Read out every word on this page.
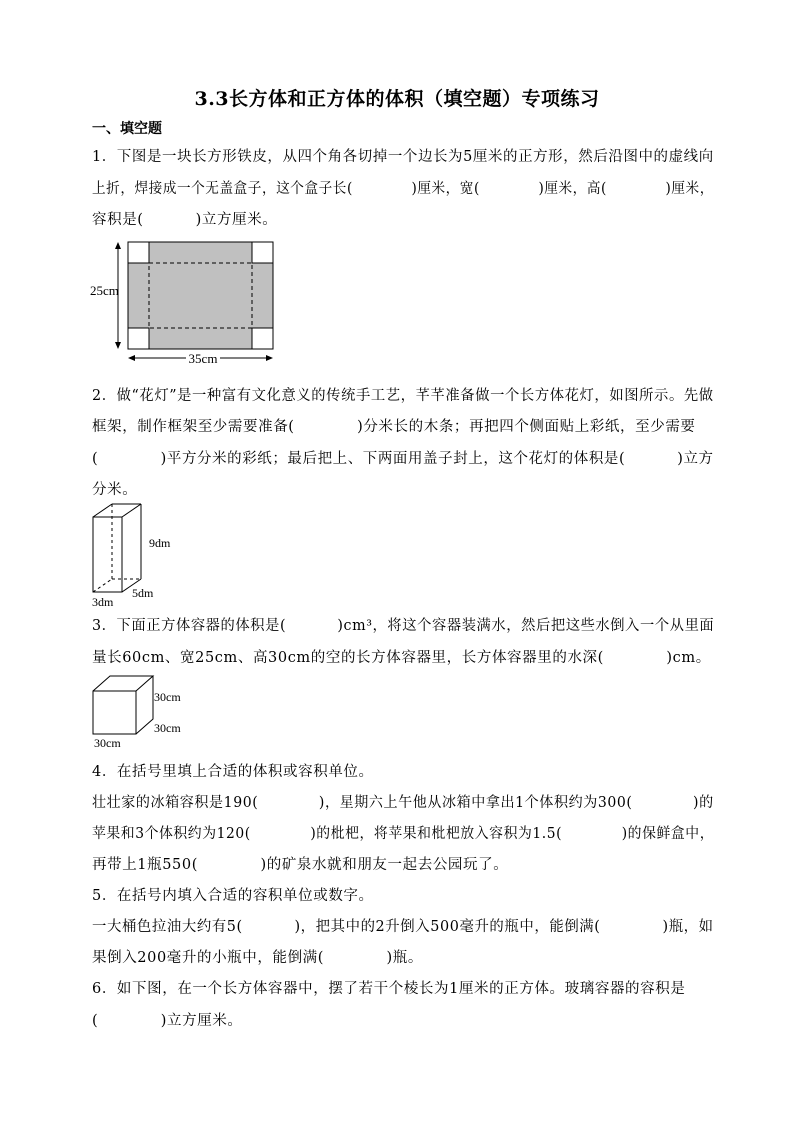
3.3长方体和正方体的体积（填空题）专项练习
一、填空题
1．下图是一块长方形铁皮，从四个角各切掉一个边长为5厘米的正方形，然后沿图中的虚线向
上折，焊接成一个无盖盒子，这个盒子长(            )厘米，宽(            )厘米，高(            )厘米，
容积是(          )立方厘米。
35cm
25cm
2．做“花灯”是一种富有文化意义的传统手工艺，芊芊准备做一个长方体花灯，如图所示。先做
框架，制作框架至少需要准备(            )分米长的木条；再把四个侧面贴上彩纸，至少需要
(            )平方分米的彩纸；最后把上、下两面用盖子封上，这个花灯的体积是(          )立方
分米。
9dm
5dm
3dm
3．下面正方体容器的体积是(          )cm³，将这个容器装满水，然后把这些水倒入一个从里面
量长60cm、宽25cm、高30cm的空的长方体容器里，长方体容器里的水深(            )cm。
30cm
30cm
30cm
4．在括号里填上合适的体积或容积单位。
壮壮家的冰箱容积是190(            )，星期六上午他从冰箱中拿出1个体积约为300(            )的
苹果和3个体积约为120(            )的枇杷，将苹果和枇杷放入容积为1.5(            )的保鲜盒中，
再带上1瓶550(            )的矿泉水就和朋友一起去公园玩了。
5．在括号内填入合适的容积单位或数字。
一大桶色拉油大约有5(          )，把其中的2升倒入500毫升的瓶中，能倒满(            )瓶，如
果倒入200毫升的小瓶中，能倒满(            )瓶。
6．如下图，在一个长方体容器中，摆了若干个棱长为1厘米的正方体。玻璃容器的容积是
(            )立方厘米。
